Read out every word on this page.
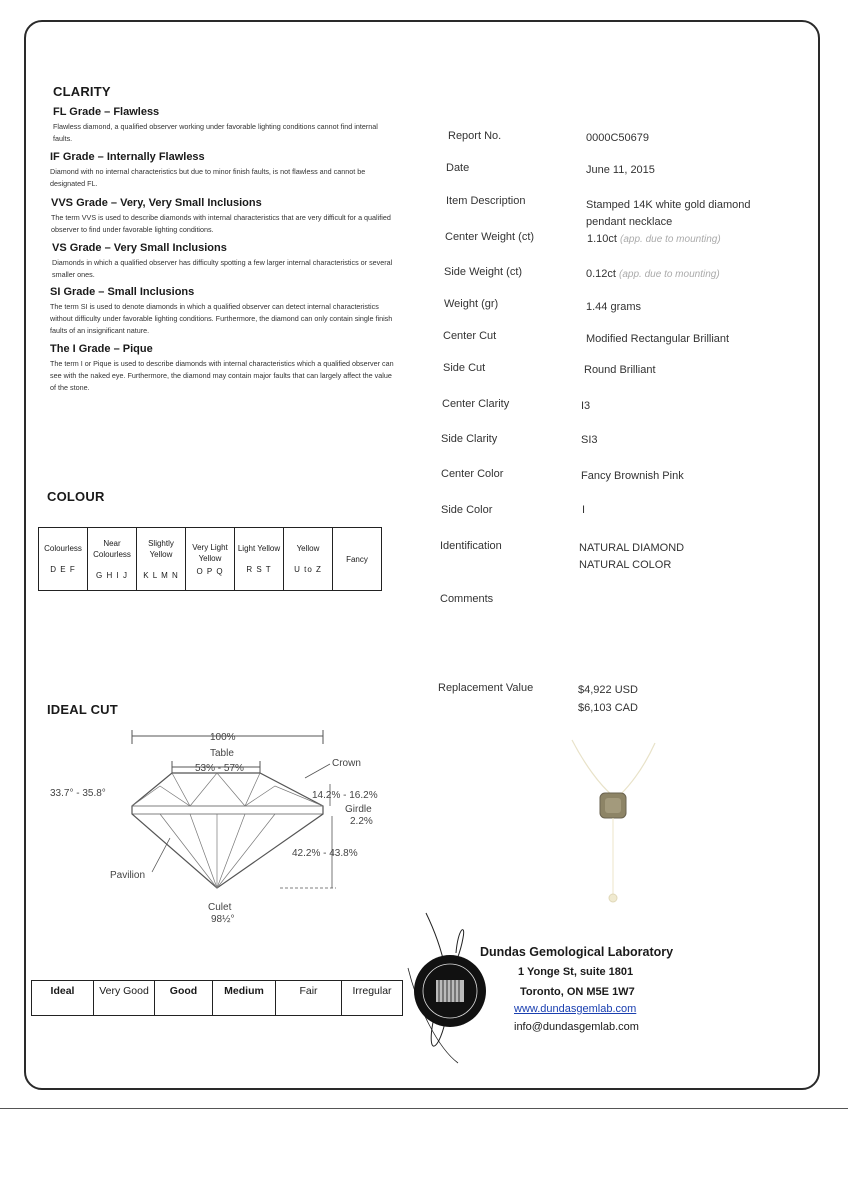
CLARITY
FL Grade – Flawless
Flawless diamond, a qualified observer working under favorable lighting conditions cannot find internal faults.
IF Grade – Internally Flawless
Diamond with no internal characteristics but due to minor finish faults, is not flawless and cannot be designated FL.
VVS Grade – Very, Very Small Inclusions
The term VVS is used to describe diamonds with internal characteristics that are very difficult for a qualified observer to find under favorable lighting conditions.
VS Grade – Very Small Inclusions
Diamonds in which a qualified observer has difficulty spotting a few larger internal characteristics or several smaller ones.
SI Grade – Small Inclusions
The term SI is used to denote diamonds in which a qualified observer can detect internal characteristics without difficulty under favorable lighting conditions. Furthermore, the diamond can only contain single finish faults of an insignificant nature.
The I Grade – Pique
The term I or Pique is used to describe diamonds with internal characteristics which a qualified observer can see with the naked eye. Furthermore, the diamond may contain major faults that can largely affect the value of the stone.
COLOUR
Colourless
D E F
	Near Colourless
G H I J
	Slightly Yellow
K L M N
	Very Light Yellow
O P Q
	Light Yellow
R S T
	Yellow
U to Z
	Fancy
IDEAL CUT
100%
Table
53% - 57%	Crown
33.7° - 35.8°	14.2% - 16.2%
Girdle
2.2%
42.2% - 43.8%
Pavilion
Culet
98½°
Ideal	Very Good	Good	Medium	Fair	Irregular
Report No.	0000C50679
Date	June 11, 2015
Item Description	Stamped 14K white gold diamond pendant necklace
Center Weight (ct)	1.10ct (app. due to mounting)
Side Weight (ct)	0.12ct (app. due to mounting)
Weight (gr)	1.44 grams
Center Cut	Modified Rectangular Brilliant
Side Cut	Round Brilliant
Center Clarity	I3
Side Clarity	SI3
Center Color	Fancy Brownish Pink
Side Color	I
Identification	NATURAL DIAMOND
NATURAL COLOR
Comments
Replacement Value	$4,922 USD
$6,103 CAD
Dundas Gemological Laboratory
1 Yonge St, suite 1801
Toronto, ON M5E 1W7
www.dundasgemlab.com
info@dundasgemlab.com
